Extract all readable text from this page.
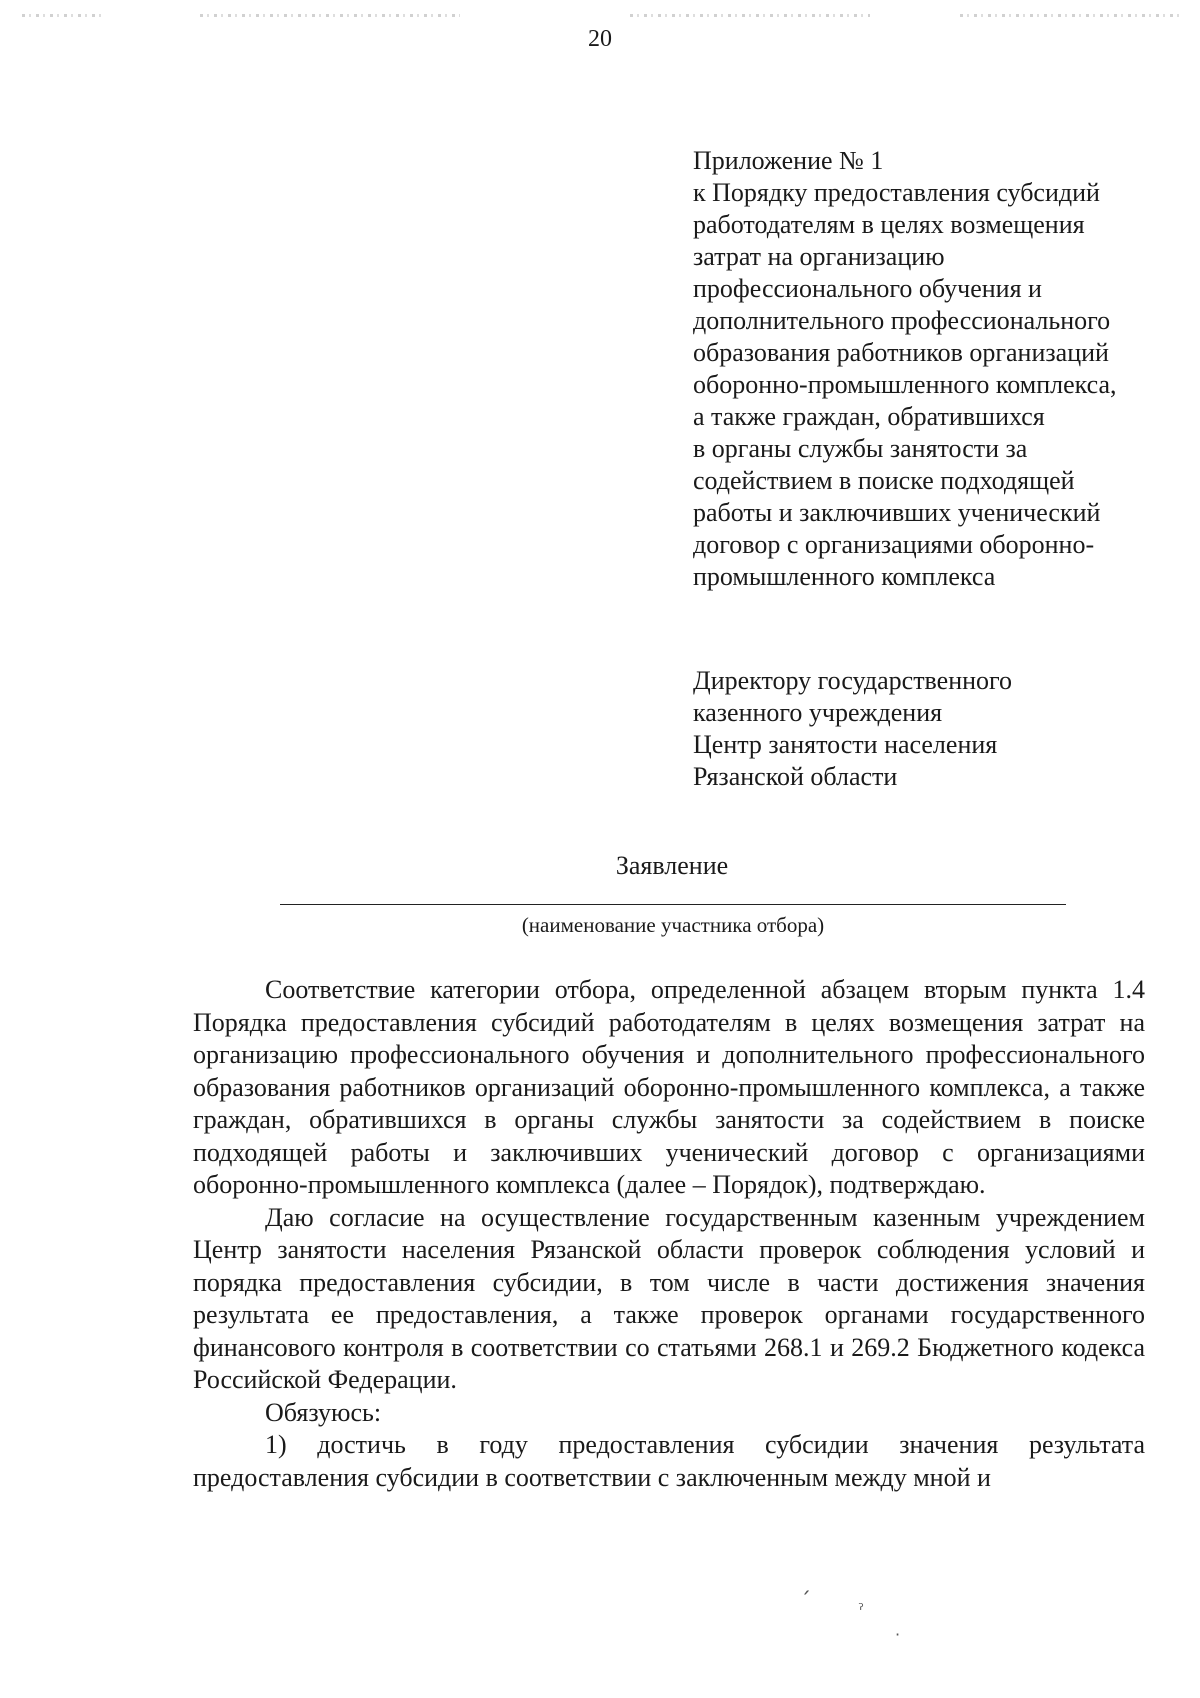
20
Приложение № 1
к Порядку предоставления субсидий
работодателям в целях возмещения
затрат на организацию
профессионального обучения и
дополнительного профессионального
образования работников организаций
оборонно-промышленного комплекса,
а также граждан, обратившихся
в органы службы занятости за
содействием в поиске подходящей
работы и заключивших ученический
договор с организациями оборонно-
промышленного комплекса
Директору государственного
казенного учреждения
Центр занятости населения
Рязанской области
Заявление
(наименование участника отбора)

Соответствие категории отбора, определенной абзацем вторым пункта 1.4 Порядка предоставления субсидий работодателям в целях возмещения затрат на организацию профессионального обучения и дополнительного профессионального образования работников организаций оборонно-промышленного комплекса, а также граждан, обратившихся в органы службы занятости за содействием в поиске подходящей работы и заключивших ученический договор с организациями оборонно-промышленного комплекса (далее – Порядок), подтверждаю.

Даю согласие на осуществление государственным казенным учреждением Центр занятости населения Рязанской области проверок соблюдения условий и порядка предоставления субсидии, в том числе в части достижения значения результата ее предоставления, а также проверок органами государственного финансового контроля в соответствии со статьями 268.1 и 269.2 Бюджетного кодекса Российской Федерации.

Обязуюсь:

1) достичь в году предоставления субсидии значения результата предоставления субсидии в соответствии с заключенным между мной и

ˏ
ˀ
·
